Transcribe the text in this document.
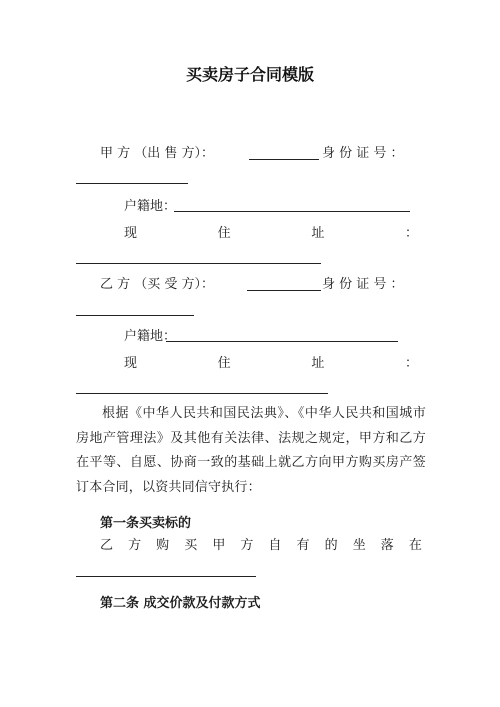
买卖房子合同模版
甲 方 （出 售 方）：	身 份 证 号 ：
户籍地：
现	住	址	：
乙 方 （买 受 方）：	身 份 证 号 ：
户籍地：
现	住	址	：
根据《中华人民共和国民法典》、《中华人民共和国城市房地产管理法》及其他有关法律、法规之规定，甲方和乙方在平等、自愿、协商一致的基础上就乙方向甲方购买房产签订本合同，以资共同信守执行：
第一条买卖标的
乙 方 购 买 甲 方 自 有 的 坐 落 在
第二条 成交价款及付款方式
